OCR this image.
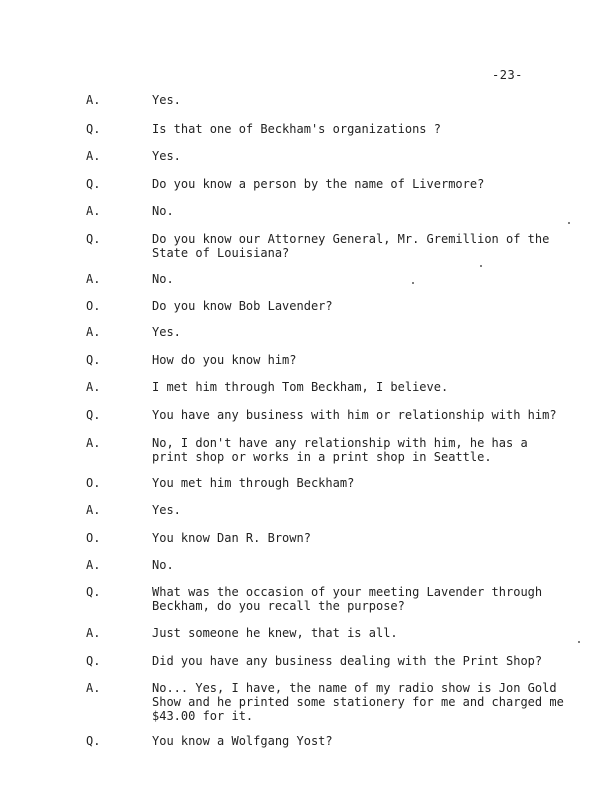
-23-
A.	Yes.
Q.	Is that one of Beckham's organizations ?
A.	Yes.
Q.	Do you know a person by the name of Livermore?
A.	No.
Q.	Do you know our Attorney General, Mr. Gremillion of the
State of Louisiana?
A.	No.
O.	Do you know Bob Lavender?
A.	Yes.
Q.	How do you know him?
A.	I met him through Tom Beckham, I believe.
Q.	You have any business with him or relationship with him?
A.	No, I don't have any relationship with him, he has a
print shop or works in a print shop in Seattle.
O.	You met him through Beckham?
A.	Yes.
O.	You know Dan R. Brown?
A.	No.
Q.	What was the occasion of your meeting Lavender through
Beckham, do you recall the purpose?
A.	Just someone he knew, that is all.
Q.	Did you have any business dealing with the Print Shop?
A.	No... Yes, I have, the name of my radio show is Jon Gold
Show and he printed some stationery for me and charged me
$43.00 for it.
Q.	You know a Wolfgang Yost?
